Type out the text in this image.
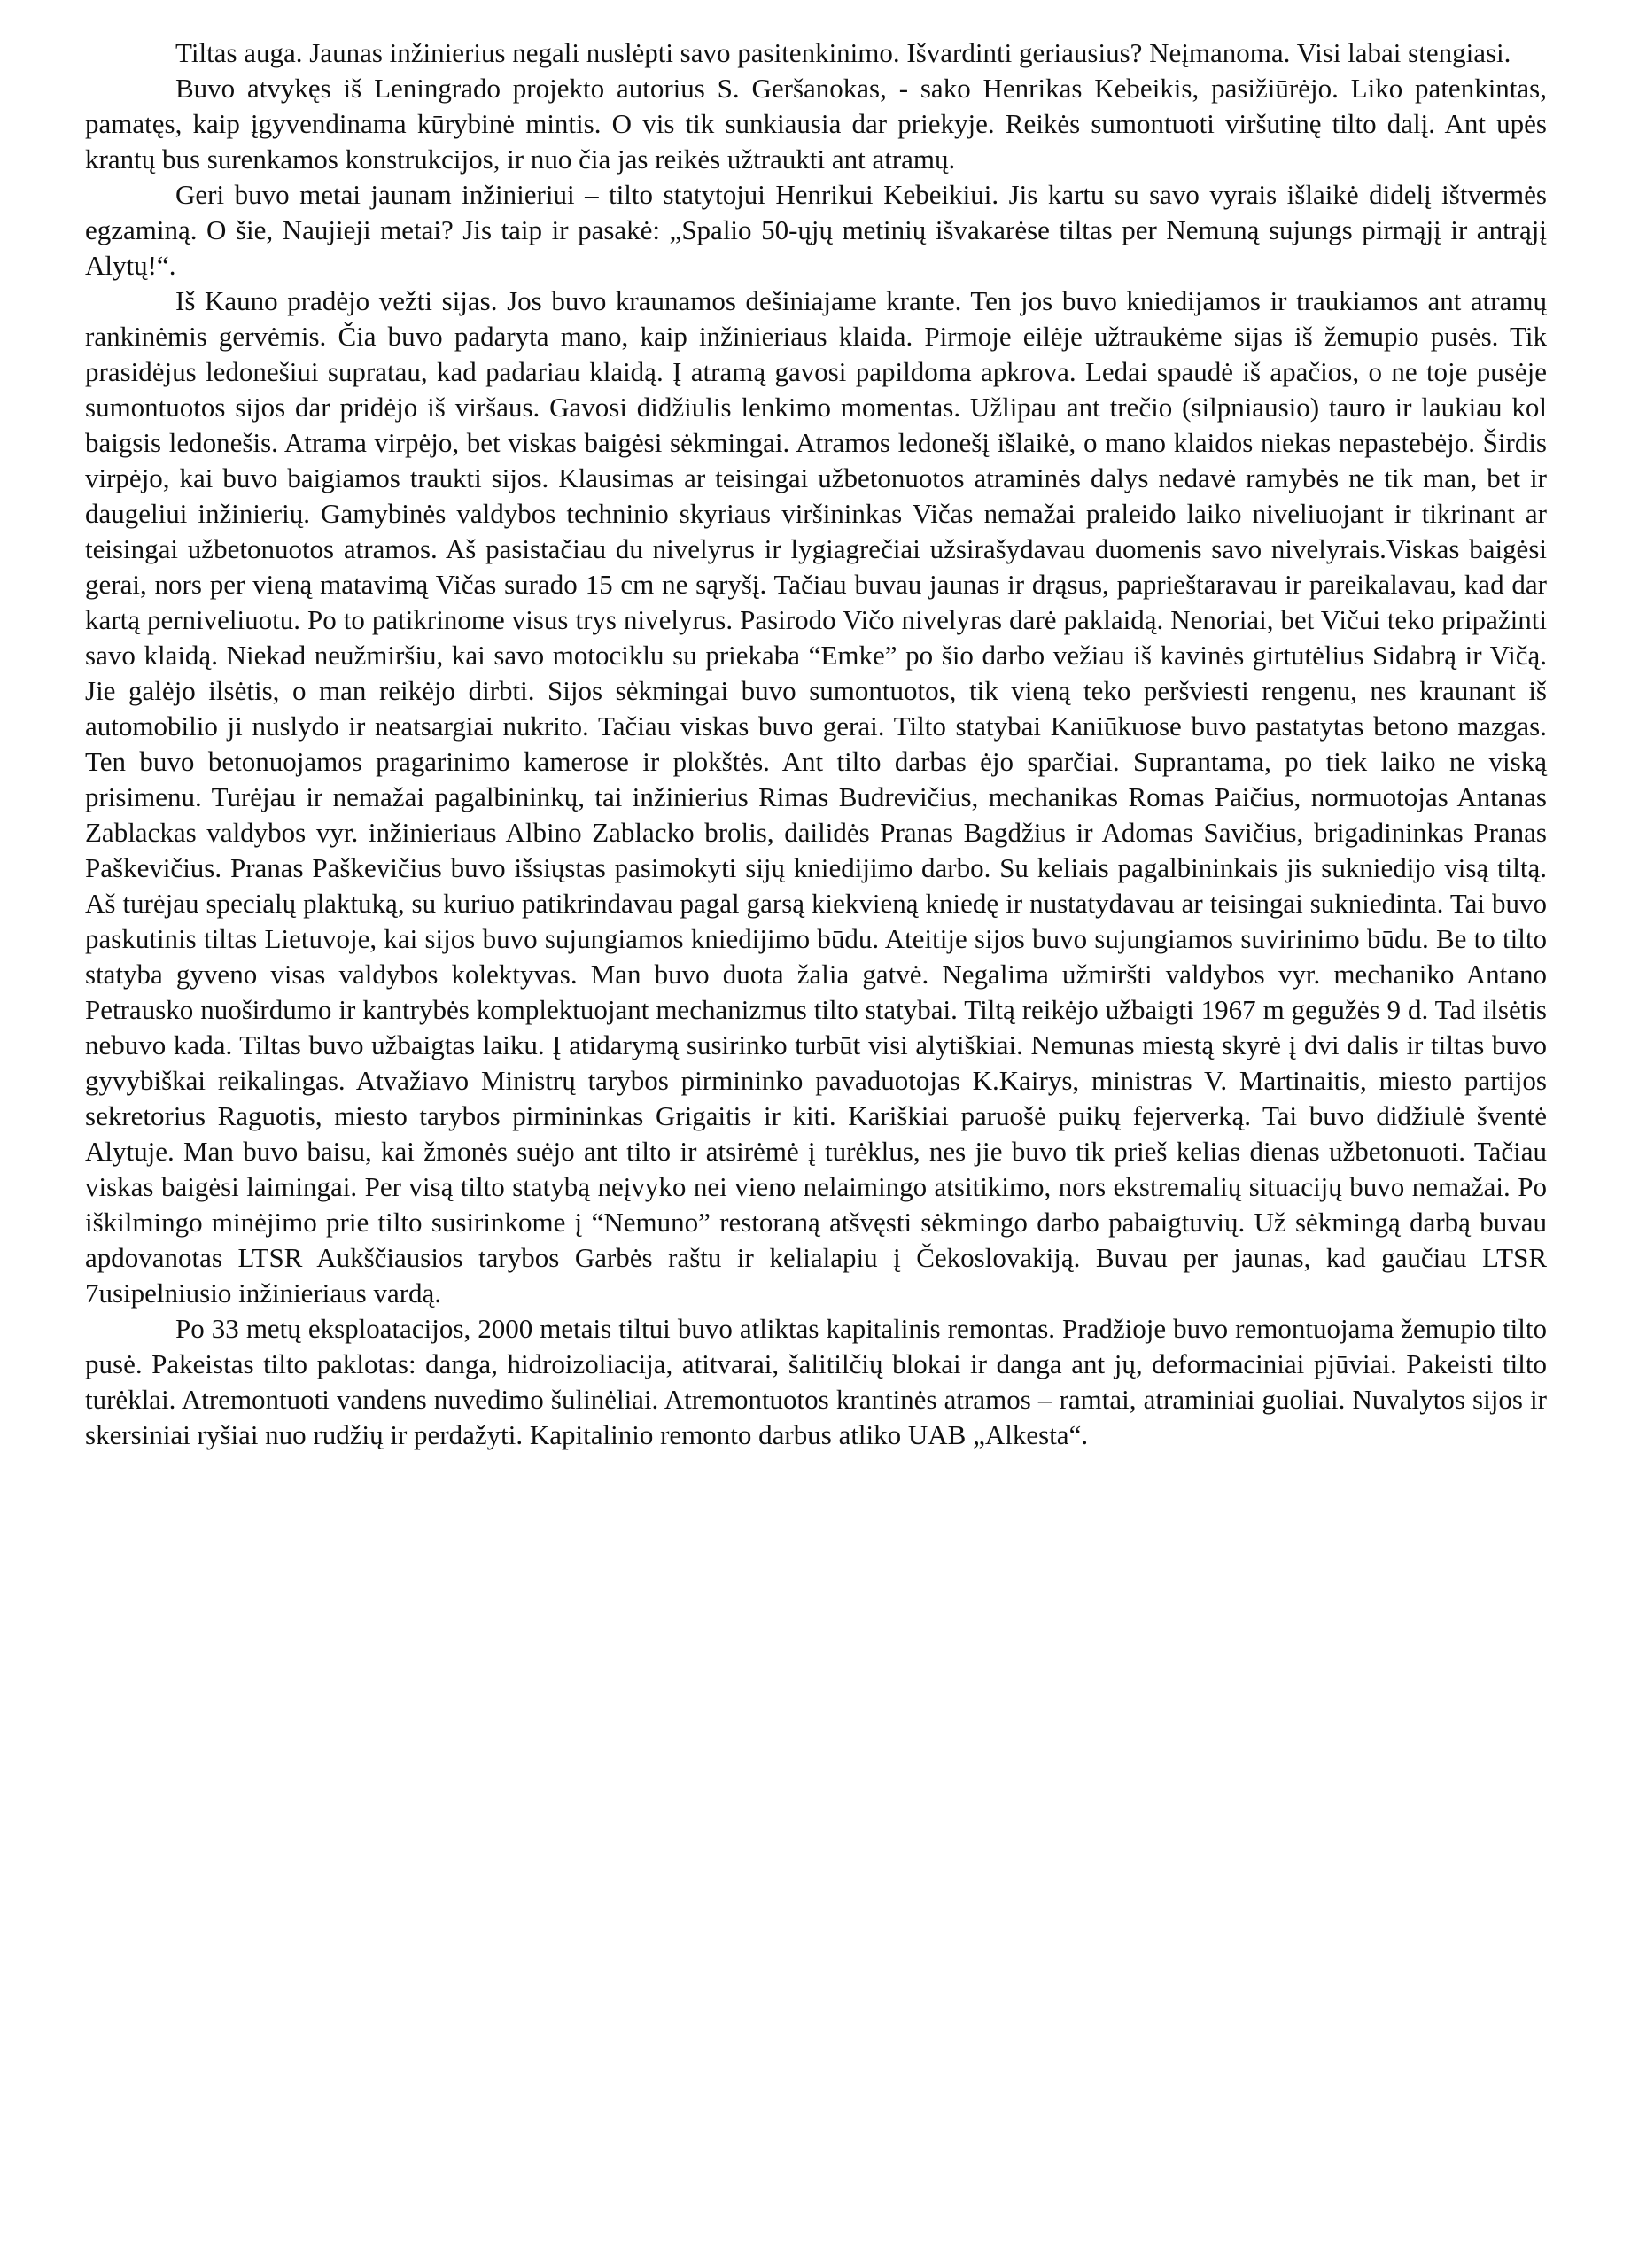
Tiltas auga. Jaunas inžinierius negali nuslėpti savo pasitenkinimo. Išvardinti geriausius? Neįmanoma. Visi labai stengiasi.

Buvo atvykęs iš Leningrado projekto autorius S. Geršanokas, - sako Henrikas Kebeikis, pasižiūrėjo. Liko patenkintas, pamatęs, kaip įgyvendinama kūrybinė mintis. O vis tik sunkiausia dar priekyje. Reikės sumontuoti viršutinę tilto dalį. Ant upės krantų bus surenkamos konstrukcijos, ir nuo čia jas reikės užtraukti ant atramų.

Geri buvo metai jaunam inžinieriui – tilto statytojui Henrikui Kebeikiui. Jis kartu su savo vyrais išlaikė didelį ištvermės egzaminą. O šie, Naujieji metai? Jis taip ir pasakė: „Spalio 50-ųjų metinių išvakarėse tiltas per Nemuną sujungs pirmąjį ir antrąjį Alytų!“.

Iš Kauno pradėjo vežti sijas. Jos buvo kraunamos dešiniajame krante. Ten jos buvo kniedijamos ir traukiamos ant atramų rankinėmis gervėmis. Čia buvo padaryta mano, kaip inžinieriaus klaida. Pirmoje eilėje užtraukėme sijas iš žemupio pusės. Tik prasidėjus ledonešiui supratau, kad padariau klaidą. Į atramą gavosi papildoma apkrova. Ledai spaudė iš apačios, o ne toje pusėje sumontuotos sijos dar pridėjo iš viršaus. Gavosi didžiulis lenkimo momentas. Užlipau ant trečio (silpniausio) tauro ir laukiau kol baigsis ledonešis. Atrama virpėjo, bet viskas baigėsi sėkmingai. Atramos ledonešį išlaikė, o mano klaidos niekas nepastebėjo. Širdis virpėjo, kai buvo baigiamos traukti sijos. Klausimas ar teisingai užbetonuotos atraminės dalys nedavė ramybės ne tik man, bet ir daugeliui inžinierių. Gamybinės valdybos techninio skyriaus viršininkas Vičas nemažai praleido laiko niveliuojant ir tikrinant ar teisingai užbetonuotos atramos. Aš pasistačiau du nivelyrus ir lygiagrečiai užsirašydavau duomenis savo nivelyrais.Viskas baigėsi gerai, nors per vieną matavimą Vičas surado 15 cm ne sąryšį. Tačiau buvau jaunas ir drąsus, paprieštaravau ir pareikalavau, kad dar kartą perniveliuotu. Po to patikrinome visus trys nivelyrus. Pasirodo Vičo nivelyras darė paklaidą. Nenoriai, bet Vičui teko pripažinti savo klaidą. Niekad neužmiršiu, kai savo motociklu su priekaba “Emke” po šio darbo vežiau iš kavinės girtutėlius Sidabrą ir Vičą. Jie galėjo ilsėtis, o man reikėjo dirbti. Sijos sėkmingai buvo sumontuotos, tik vieną teko peršviesti rengenu, nes kraunant iš automobilio ji nuslydo ir neatsargiai nukrito. Tačiau viskas buvo gerai. Tilto statybai Kaniūkuose buvo pastatytas betono mazgas. Ten buvo betonuojamos pragarinimo kamerose ir plokštės. Ant tilto darbas ėjo sparčiai. Suprantama, po tiek laiko ne viską prisimenu. Turėjau ir nemažai pagalbininkų, tai inžinierius Rimas Budrevičius, mechanikas Romas Paičius, normuotojas Antanas Zablackas valdybos vyr. inžinieriaus Albino Zablacko brolis, dailidės Pranas Bagdžius ir Adomas Savičius, brigadininkas Pranas Paškevičius. Pranas Paškevičius buvo išsiųstas pasimokyti sijų kniedijimo darbo. Su keliais pagalbininkais jis sukniedijo visą tiltą. Aš turėjau specialų plaktuką, su kuriuo patikrindavau pagal garsą kiekvieną kniedę ir nustatydavau ar teisingai sukniedinta. Tai buvo paskutinis tiltas Lietuvoje, kai sijos buvo sujungiamos kniedijimo būdu. Ateitije sijos buvo sujungiamos suvirinimo būdu. Be to tilto statyba gyveno visas valdybos kolektyvas. Man buvo duota žalia gatvė. Negalima užmiršti valdybos vyr. mechaniko Antano Petrausko nuoširdumo ir kantrybės komplektuojant mechanizmus tilto statybai. Tiltą reikėjo užbaigti 1967 m gegužės 9 d. Tad ilsėtis nebuvo kada. Tiltas buvo užbaigtas laiku. Į atidarymą susirinko turbūt visi alytiškiai. Nemunas miestą skyrė į dvi dalis ir tiltas buvo gyvybiškai reikalingas. Atvažiavo Ministrų tarybos pirmininko pavaduotojas K.Kairys, ministras V. Martinaitis, miesto partijos sekretorius Raguotis, miesto tarybos pirmininkas Grigaitis ir kiti. Kariškiai paruošė puikų fejerverką. Tai buvo didžiulė šventė Alytuje. Man buvo baisu, kai žmonės suėjo ant tilto ir atsirėmė į turėklus, nes jie buvo tik prieš kelias dienas užbetonuoti. Tačiau viskas baigėsi laimingai. Per visą tilto statybą neįvyko nei vieno nelaimingo atsitikimo, nors ekstremalių situacijų buvo nemažai. Po iškilmingo minėjimo prie tilto susirinkome į “Nemuno” restoraną atšvęsti sėkmingo darbo pabaigtuvių. Už sėkmingą darbą buvau apdovanotas LTSR Aukščiausios tarybos Garbės raštu ir kelialapiu į Čekoslovakiją. Buvau per jaunas, kad gaučiau LTSR 7usipelniusio inžinieriaus vardą.

Po 33 metų eksploatacijos, 2000 metais tiltui buvo atliktas kapitalinis remontas. Pradžioje buvo remontuojama žemupio tilto pusė. Pakeistas tilto paklotas: danga, hidroizoliacija, atitvarai, šalitilčių blokai ir danga ant jų, deformaciniai pjūviai. Pakeisti tilto turėklai. Atremontuoti vandens nuvedimo šulinėliai. Atremontuotos krantinės atramos – ramtai, atraminiai guoliai. Nuvalytos sijos ir skersiniai ryšiai nuo rudžių ir perdažyti. Kapitalinio remonto darbus atliko UAB „Alkesta“.
